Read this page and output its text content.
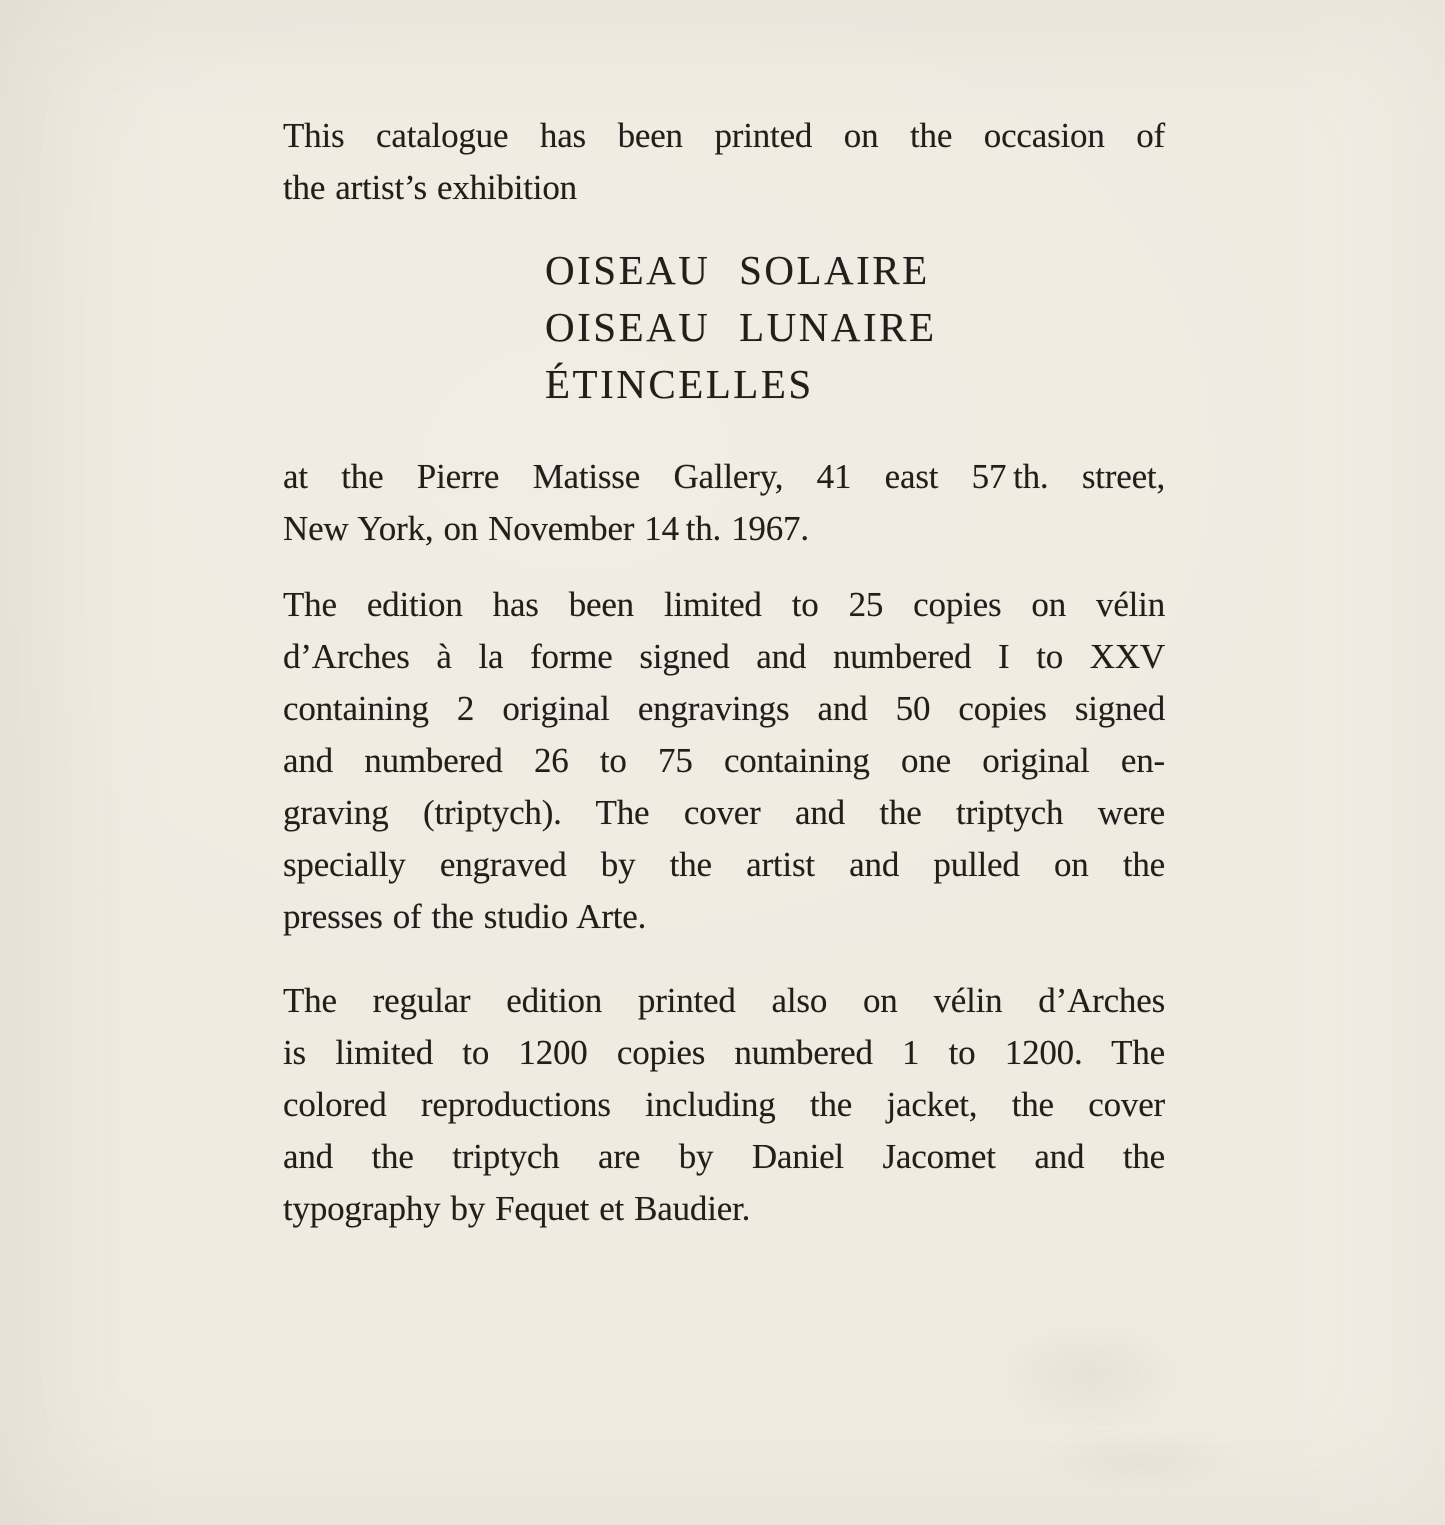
This catalogue has been printed on the occasion of
the artist’s exhibition

OISEAU SOLAIRE
OISEAU LUNAIRE
ÉTINCELLES

at the Pierre Matisse Gallery, 41 east 57 th. street,
New York, on November 14 th. 1967.

The edition has been limited to 25 copies on vélin
d’Arches à la forme signed and numbered I to XXV
containing 2 original engravings and 50 copies signed
and numbered 26 to 75 containing one original en-
graving (triptych). The cover and the triptych were
specially engraved by the artist and pulled on the
presses of the studio Arte.

The regular edition printed also on vélin d’Arches
is limited to 1200 copies numbered 1 to 1200. The
colored reproductions including the jacket, the cover
and the triptych are by Daniel Jacomet and the
typography by Fequet et Baudier.
